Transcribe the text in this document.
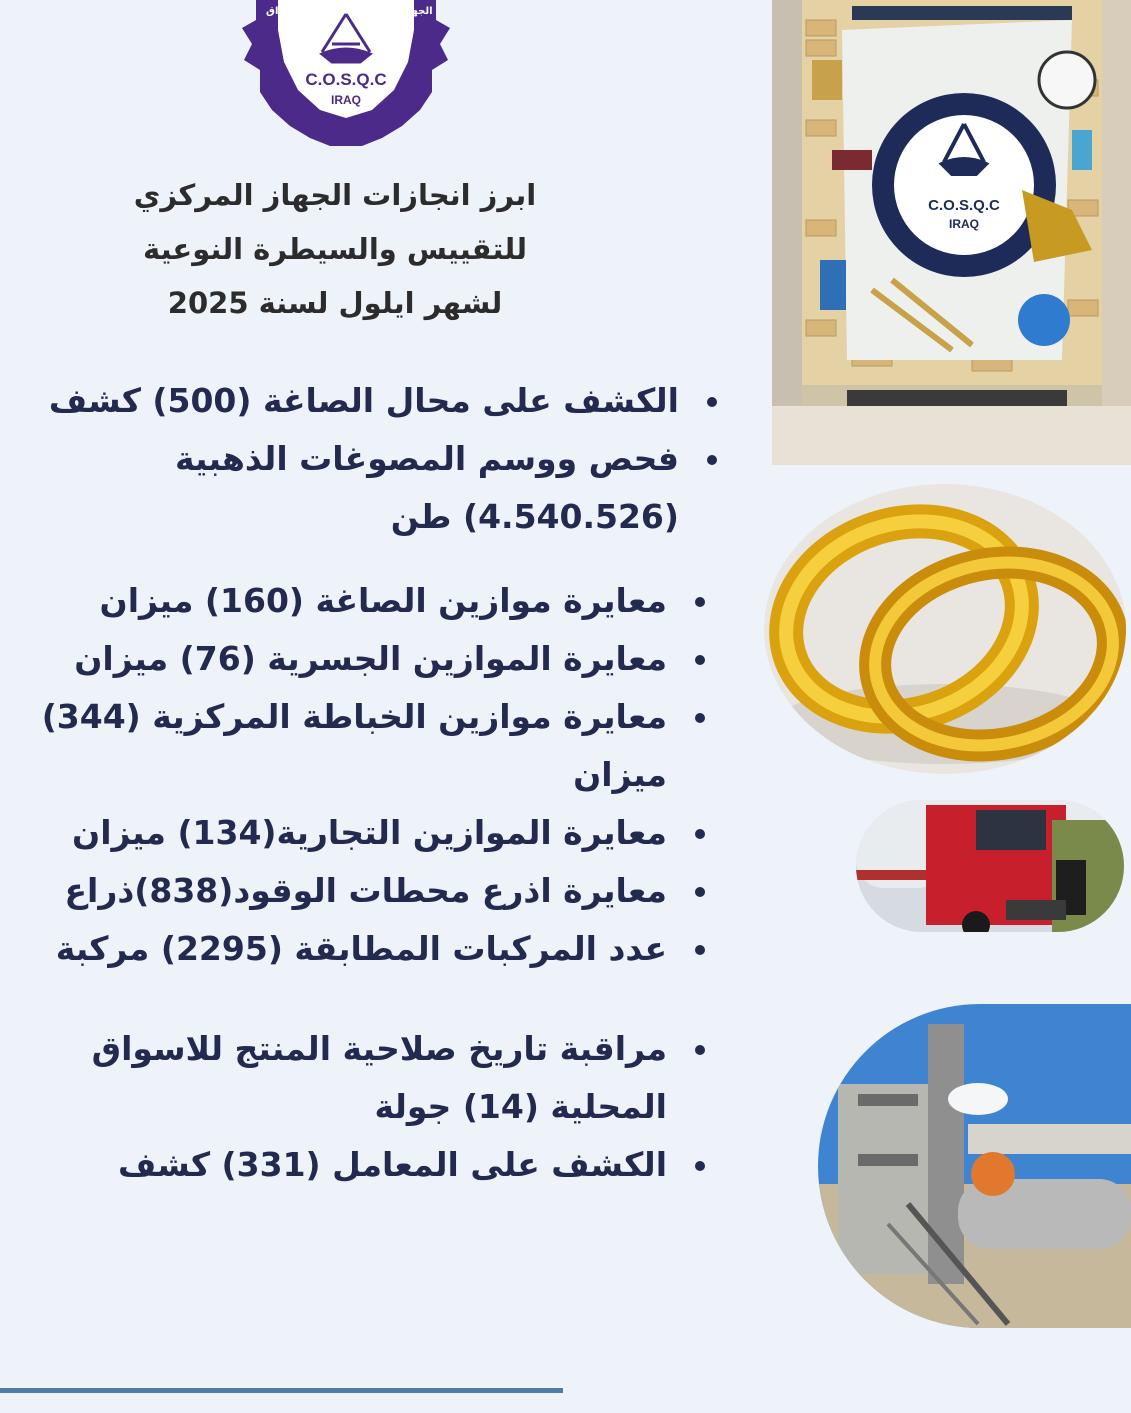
C.O.S.Q.C
IRAQ
العراق	الجهاز
ابرز انجازات الجهاز المركزي
للتقييس والسيطرة النوعية
لشهر ايلول لسنة 2025
الكشف على محال الصاغة (500) كشف
فحص ووسم المصوغات الذهبية
(4.540.526) طن
معايرة موازين الصاغة (160) ميزان
معايرة الموازين الجسرية (76) ميزان
معايرة موازين الخباطة المركزية (344)
ميزان
معايرة الموازين التجارية(134) ميزان
معايرة اذرع محطات الوقود(838)ذراع
عدد المركبات المطابقة (2295) مركبة
مراقبة تاريخ صلاحية المنتج للاسواق
المحلية (14) جولة
الكشف على المعامل (331) كشف
C.O.S.Q.C
IRAQ
